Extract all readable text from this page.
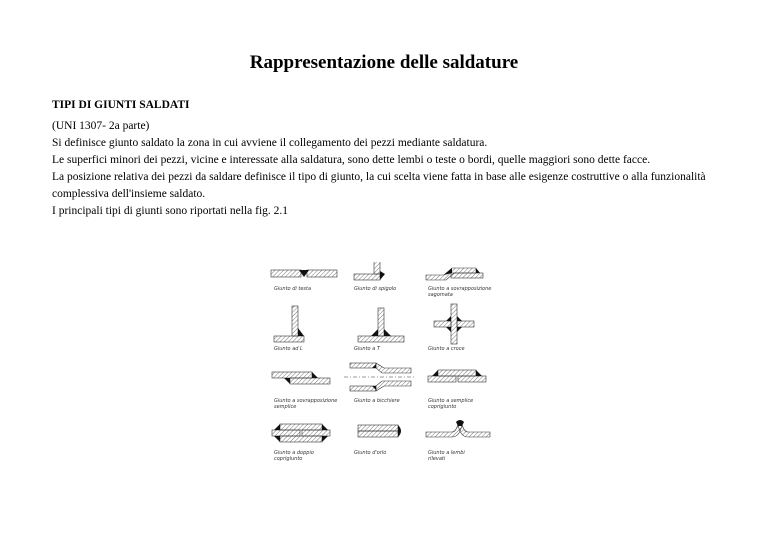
Rappresentazione delle saldature

TIPI DI GIUNTI SALDATI

(UNI 1307- 2a parte)

Si definisce giunto saldato la zona in cui avviene il collegamento dei pezzi mediante saldatura.

Le superfici minori dei pezzi, vicine e interessate alla saldatura, sono dette lembi o teste o bordi, quelle maggiori sono dette facce.

La posizione relativa dei pezzi da saldare definisce il tipo di giunto, la cui scelta viene fatta in base alle esigenze costruttive o alla funzionalità

complessiva dell'insieme saldato.

I principali tipi di giunti sono riportati nella fig. 2.1

Giunto di testa	Giunto di spigolo	Giunto a sovrapposizione
sagomata
Giunto ad L	Giunto a T	Giunto a croce
Giunto a sovrapposizione
semplice
Giunto a bicchiere	Giunto a semplice
coprigiunto
Giunto a doppio
coprigiunto
Giunto d'orlo	Giunto a lembi
rilevati
